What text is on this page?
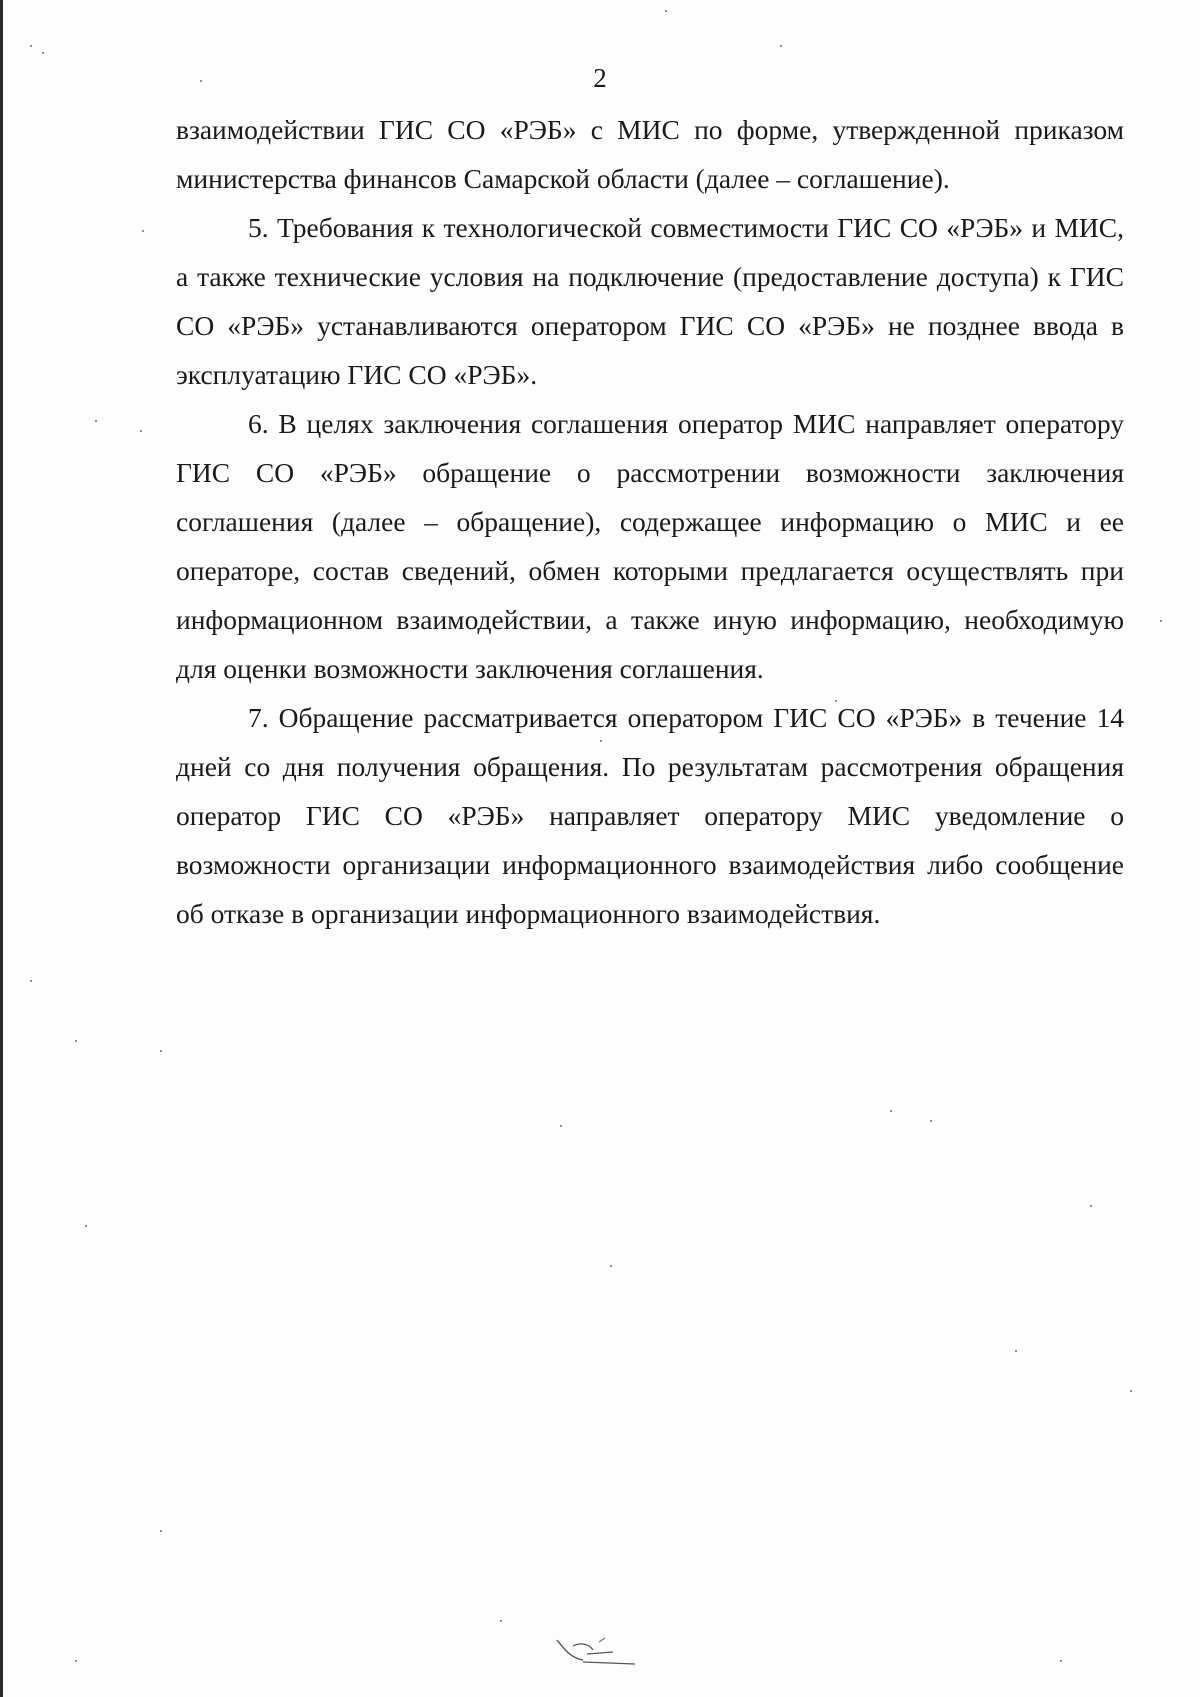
2

взаимодействии ГИС СО «РЭБ» с МИС по форме, утвержденной приказом министерства финансов Самарской области (далее – соглашение).

5. Требования к технологической совместимости ГИС СО «РЭБ» и МИС, а также технические условия на подключение (предоставление доступа) к ГИС СО «РЭБ» устанавливаются оператором ГИС СО «РЭБ» не позднее ввода в эксплуатацию ГИС СО «РЭБ».

6. В целях заключения соглашения оператор МИС направляет оператору ГИС СО «РЭБ» обращение о рассмотрении возможности заключения соглашения (далее – обращение), содержащее информацию о МИС и ее операторе, состав сведений, обмен которыми предлагается осуществлять при информационном взаимодействии, а также иную информацию, необходимую для оценки возможности заключения соглашения.

7. Обращение рассматривается оператором ГИС СО «РЭБ» в течение 14 дней со дня получения обращения. По результатам рассмотрения обращения оператор ГИС СО «РЭБ» направляет оператору МИС уведомление о возможности организации информационного взаимодействия либо сообщение об отказе в организации информационного взаимодействия.
